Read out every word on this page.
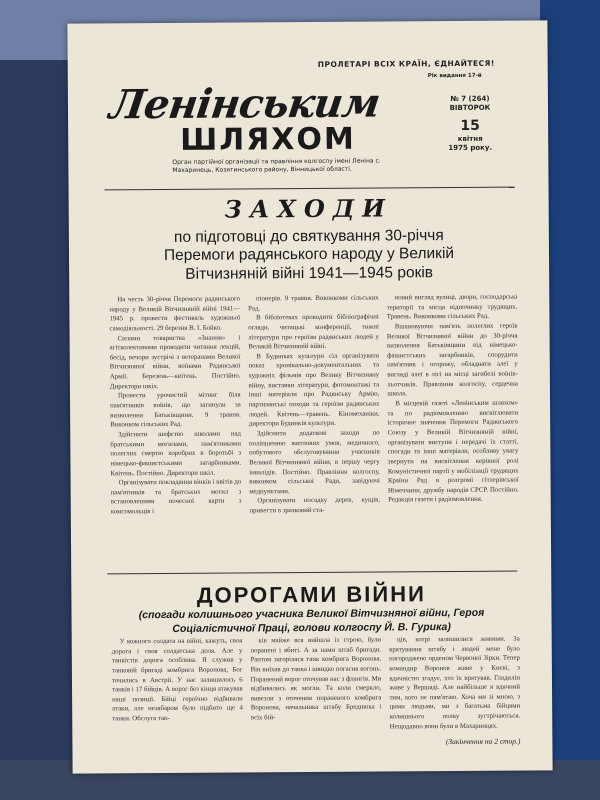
ПРОЛЕТАРІ ВСІХ КРАЇН, ЄДНАЙТЕСЯ!
Рік видання 17-й
Ленінським
ШЛЯХОМ
№ 7 (264)
ВІВТОРОК
15
квітня
1975 року.
Орган партійної організації та правління колгоспу імені Леніна с. Махаринець, Козятинського району, Вінницької області.
ЗАХОДИ
по підготовці до святкування 30-річчя Перемоги радянського народу у Великій Вітчизняній війні 1941—1945 років

На честь 30-річчя Перемоги радянського народу у Великій Вітчизняній війні 1941—1945 р. провести фестиваль художньої самодіяльності. 29 березня В. І. Бойко.

Силами товариства «Знання» і агітколективами проводити читання лекцій, бесід, вечори зустрічі з ветеранами Великої Вітчизняної війни, воїнами Радянської Армії. Березень—квітень. Постійно. Директори шкіл.

Провести урочистий мітинг біля пам'ятників воїнів, що загинули за визволення Батьківщини. 9 травня. Виконком сільських Рад.

Здійснити шефство школами над братськими могилами, пам'ятниками полеглих смертю хоробрих в боротьбі з німецько-фашистськими загарбниками. Квітень. Постійно. Директори шкіл.

Організувати покладання вінків і квітів до пам'ятників та братських могил з встановленням почесної варти з комсомольців і

піонерів. 9 травня. Виконкоми сільських Рад.

В бібліотеках проводити бібліографічні огляди, читацькі конференції, тижні літератури про героїзм радянських людей у Великій Вітчизняній війні.

В Будинках культури сіл організувати показ хронікально-документальних та художніх фільмів про Велику Вітчизняну війну, виставки літератури, фотомонтажі та інші матеріали про Радянську Армію, партизанські походи та героїзм радянських людей. Квітень—травень. Кіномеханіки, директори Будинків культури.

Здійснити додаткові заходи по поліпшенню житлових умов, медичного, побутового обслуговування учасників Великої Вітчизняної війни, в першу чергу інвалідів. Постійно. Правління колгоспу, виконком сільської Ради, завідуючі медпунктами.

Організувати посадку дерев, кущів, привести в зразковий ста-

новий вигляд вулиці, двори, господарські території та місця відпочинку трудящих. Травень. Виконкоми сільських Рад.

Вшановуючи пам'ять полеглих героїв Великої Вітчизняної війни до 30-річчя визволення Батьківщини від німецько-фашистських загарбників, спорудити пам'ятник і огорожу, обладнати алеї у вигляді алеї в лісі на місці загибелі воїнів-льотчиків. Правління колгоспу, сердечна школа.

В місцевій газеті «Ленінським шляхом» та по радіомовленню висвітлювати історичне значення Перемоги Радянського Союзу у Великій Вітчизняній війні, організувати виступи і передачі їх статті, спогади та інші матеріали, особливу увагу звернути на висвітлення керівної ролі Комуністичної партії у мобілізації трудящих Країни Рад в розгромі гітлерівської Німеччини, дружбу народів СРСР. Постійно. Редакція газети і радіомовлення.

ДОРОГАМИ ВІЙНИ
(спогади колишнього учасника Великої Вітчизняної війни, Героя Соціалістичної Праці, голови колгоспу Й. В. Гурика)

У кожного солдата на війні, кажуть, своя дорога і своя солдатська доля. Але у танкістів дорога особлива. Я служив у танковій бригаді комбрига Воронова, Бог точились в Австрії. У нас залишилось 6 танків і 17 бійців. А ворог без кінця атакував наші позиції. Бійці героїчно відбивали атаки, але незабаром було підбито ще 4 танки. Обслуга тан-

ків майже вся вийшла із строю, були поранені і вбиті. А за нами штаб бригади. Раптом загорілася танк комбрига Воронова. Він виїхав до танка і швидко погасив вогонь. Поранений ворог оточував нас з флангів. Ми відбивались як могли. Та коли смеркло, вивезли з оточення пораненого комбрига Воронова, начальника штабу Бреднюка і всіх бій-

ців, котрі залишилися живими. За врятування штабу і людей мене було нагороджено орденом Червоної Зірки. Тепер командир Воронов живе у Києві, з вдячністю згадує, хто їх врятував. Гладилін живе у Вершаді. Але найбільше я вдячний тим, кого не пам'ятаю. Хоча ми зі мною, з цими людьми, ми з багатьма бійцями колишнього полку зустрічаються. Нещодавно вони були в Махаринцях.

(Закінчення на 2 стор.)
